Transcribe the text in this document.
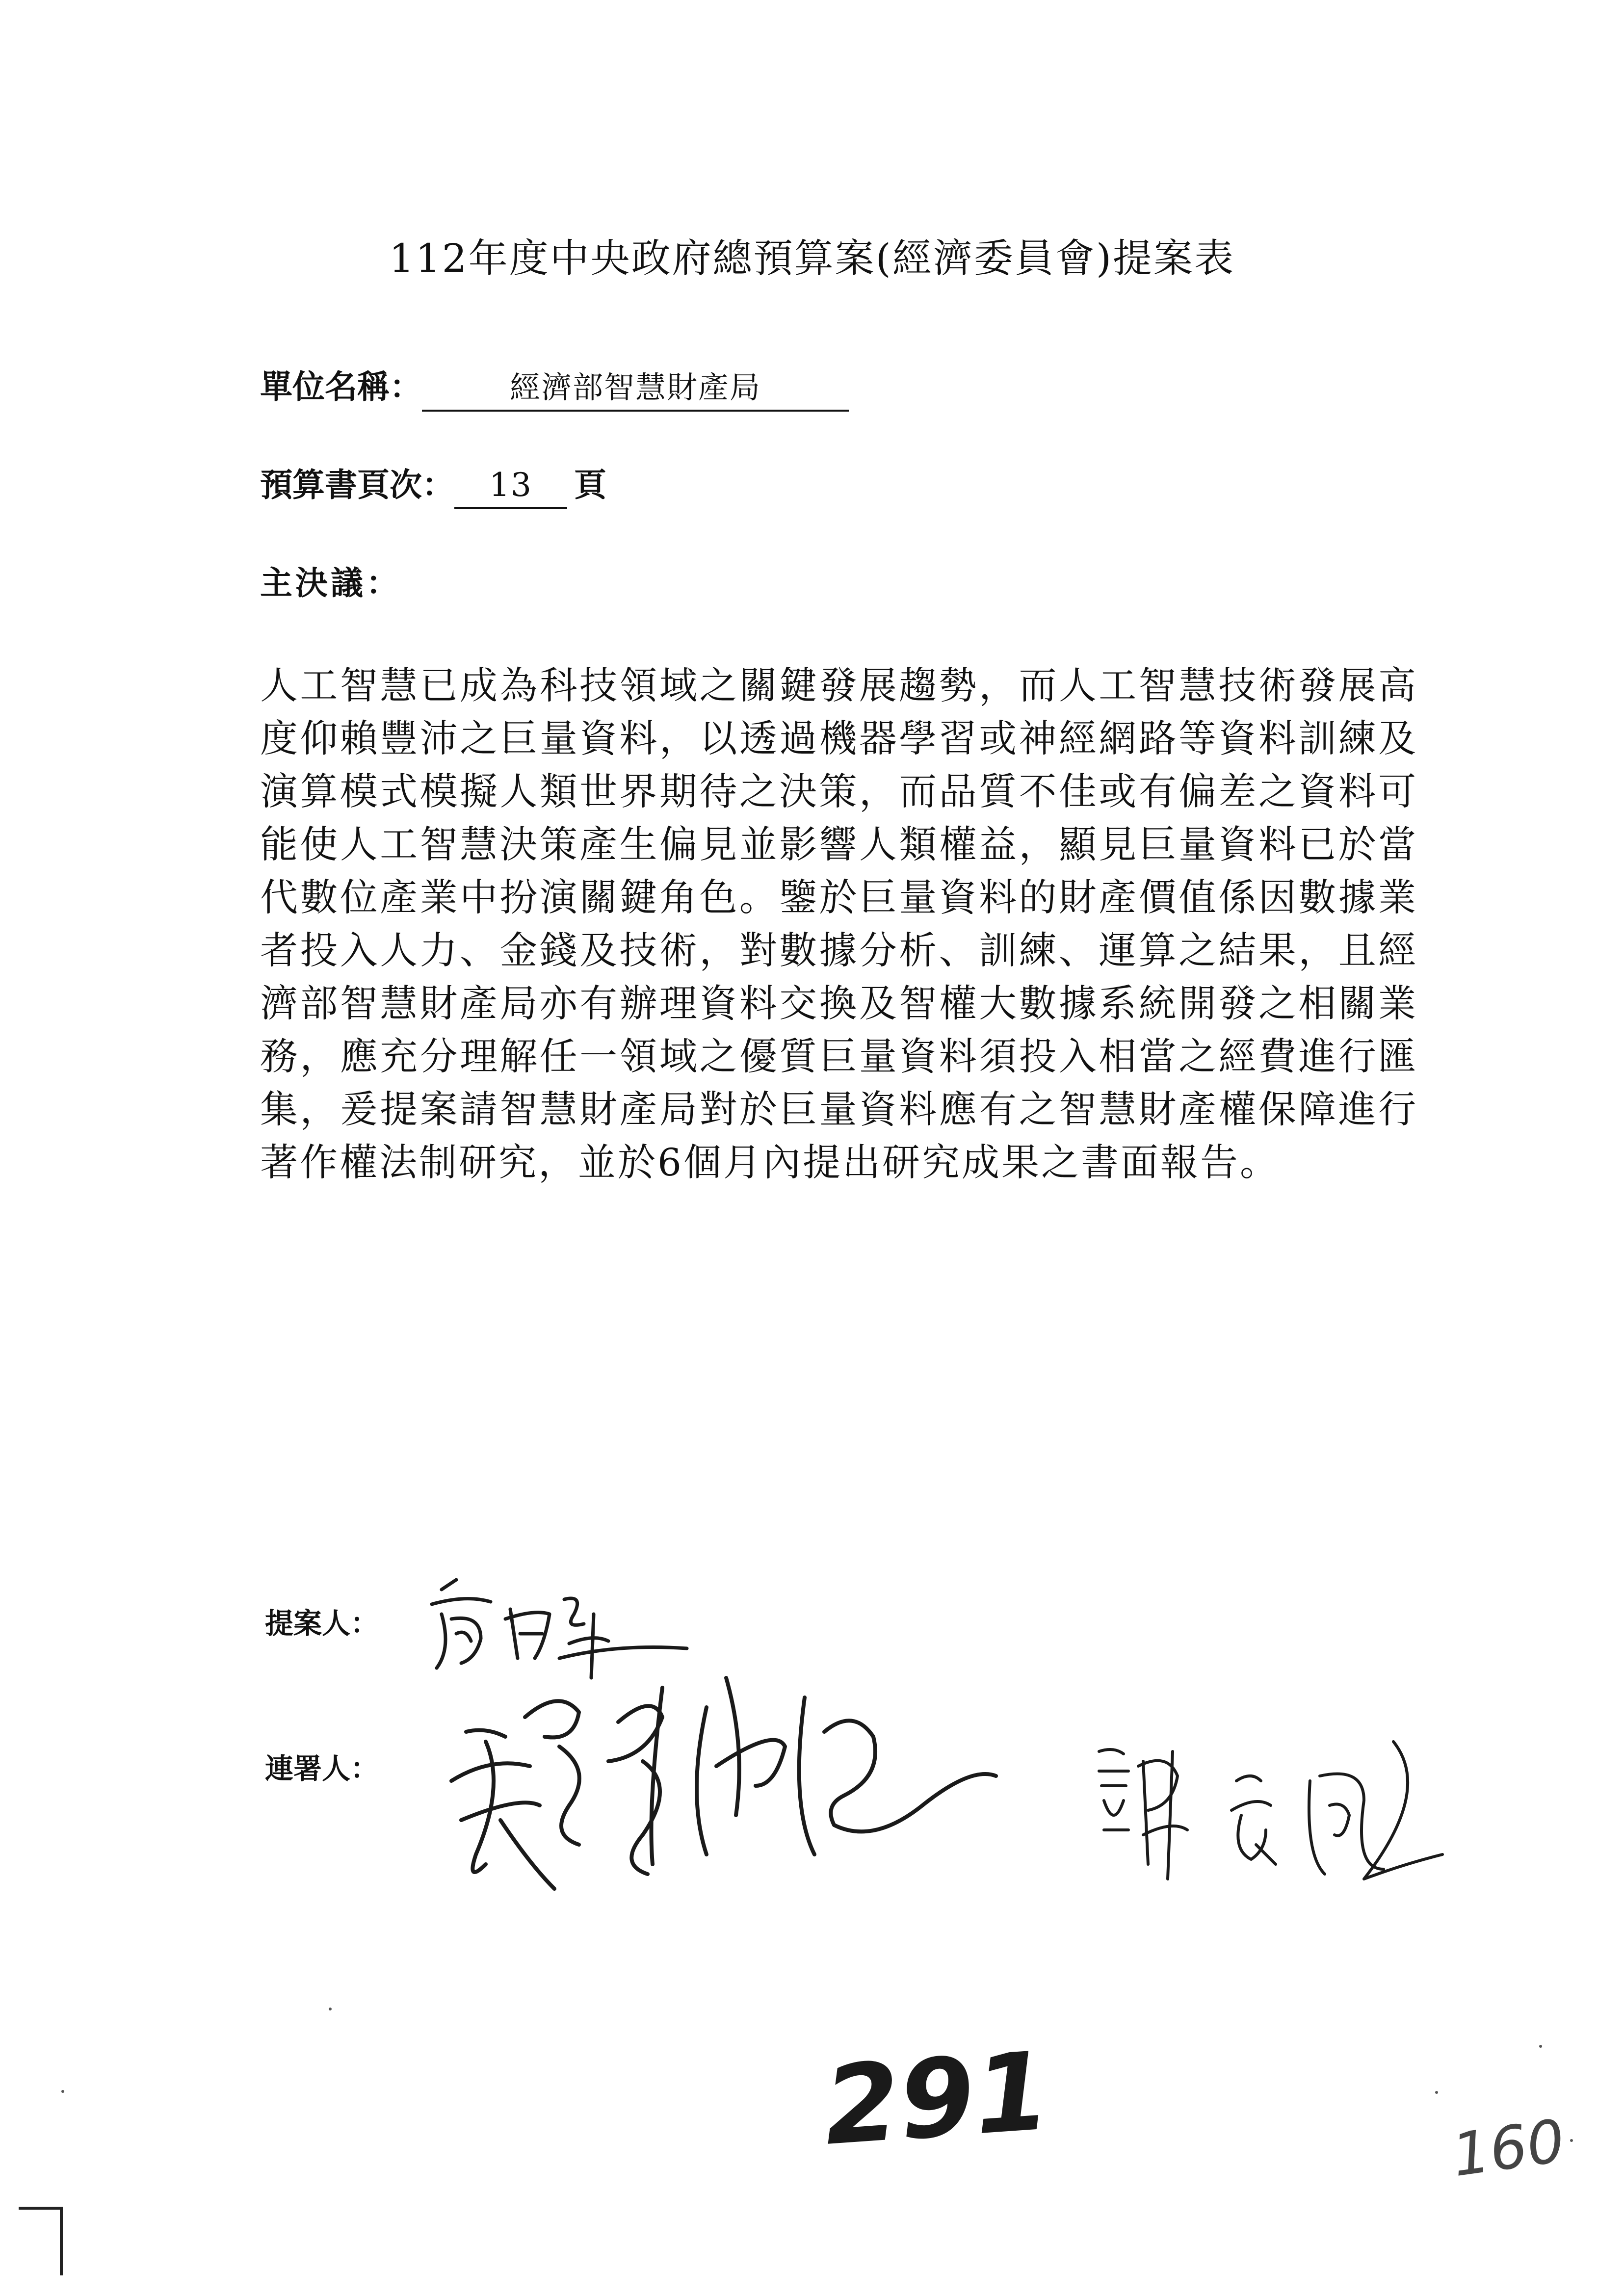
112年度中央政府總預算案(經濟委員會)提案表
單位名稱：	經濟部智慧財產局
預算書頁次： 13 頁
主決議：
人工智慧已成為科技領域之關鍵發展趨勢，而人工智慧技術發展高度仰賴豐沛之巨量資料，以透過機器學習或神經網路等資料訓練及演算模式模擬人類世界期待之決策，而品質不佳或有偏差之資料可能使人工智慧決策產生偏見並影響人類權益，顯見巨量資料已於當代數位產業中扮演關鍵角色。鑒於巨量資料的財產價值係因數據業者投入人力、金錢及技術，對數據分析、訓練、運算之結果，且經濟部智慧財產局亦有辦理資料交換及智權大數據系統開發之相關業務，應充分理解任一領域之優質巨量資料須投入相當之經費進行匯集，爰提案請智慧財產局對於巨量資料應有之智慧財產權保障進行著作權法制研究，並於6個月內提出研究成果之書面報告。
提案人：
連署人：
291	160
